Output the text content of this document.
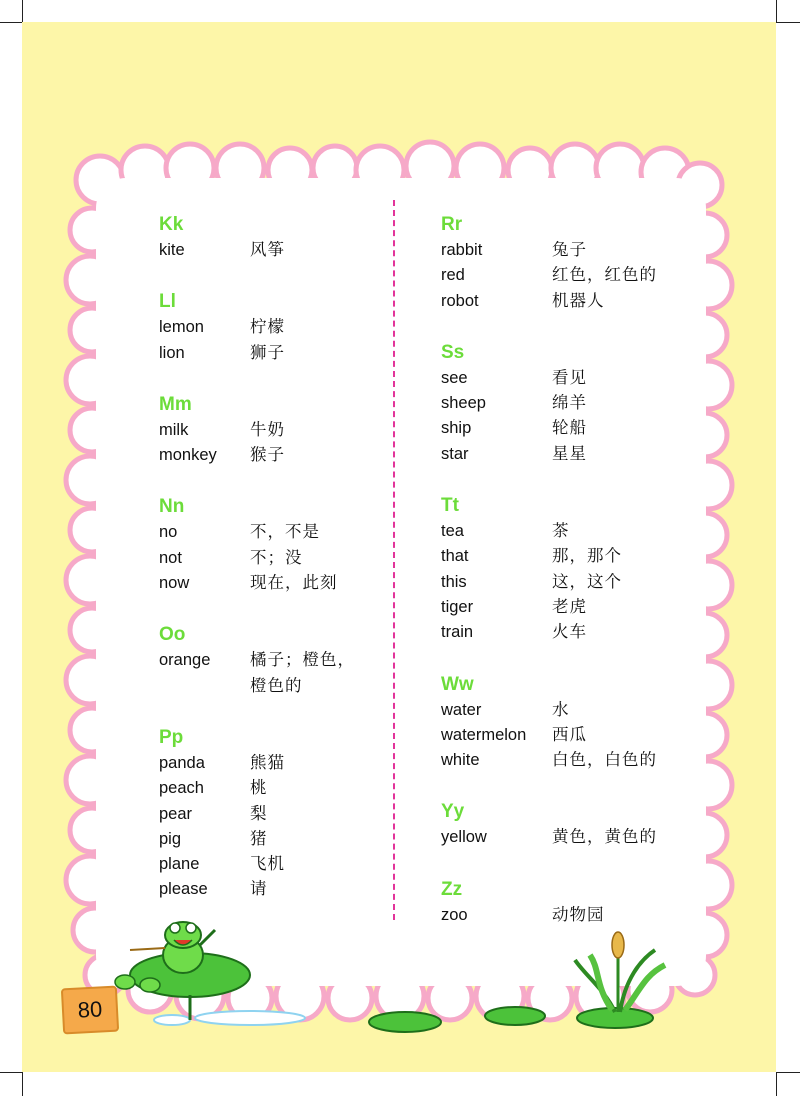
Kk
kite	风筝
Ll
lemon	柠檬
lion	狮子
Mm
milk	牛奶
monkey	猴子
Nn
no	不，不是
not	不；没
now	现在，此刻
Oo
orange	橘子；橙色，
橙色的
Pp
panda	熊猫
peach	桃
pear	梨
pig	猪
plane	飞机
please	请
Rr
rabbit	兔子
red	红色，红色的
robot	机器人
Ss
see	看见
sheep	绵羊
ship	轮船
star	星星
Tt
tea	茶
that	那，那个
this	这，这个
tiger	老虎
train	火车
Ww
water	水
watermelon	西瓜
white	白色，白色的
Yy
yellow	黄色，黄色的
Zz
zoo	动物园
80
